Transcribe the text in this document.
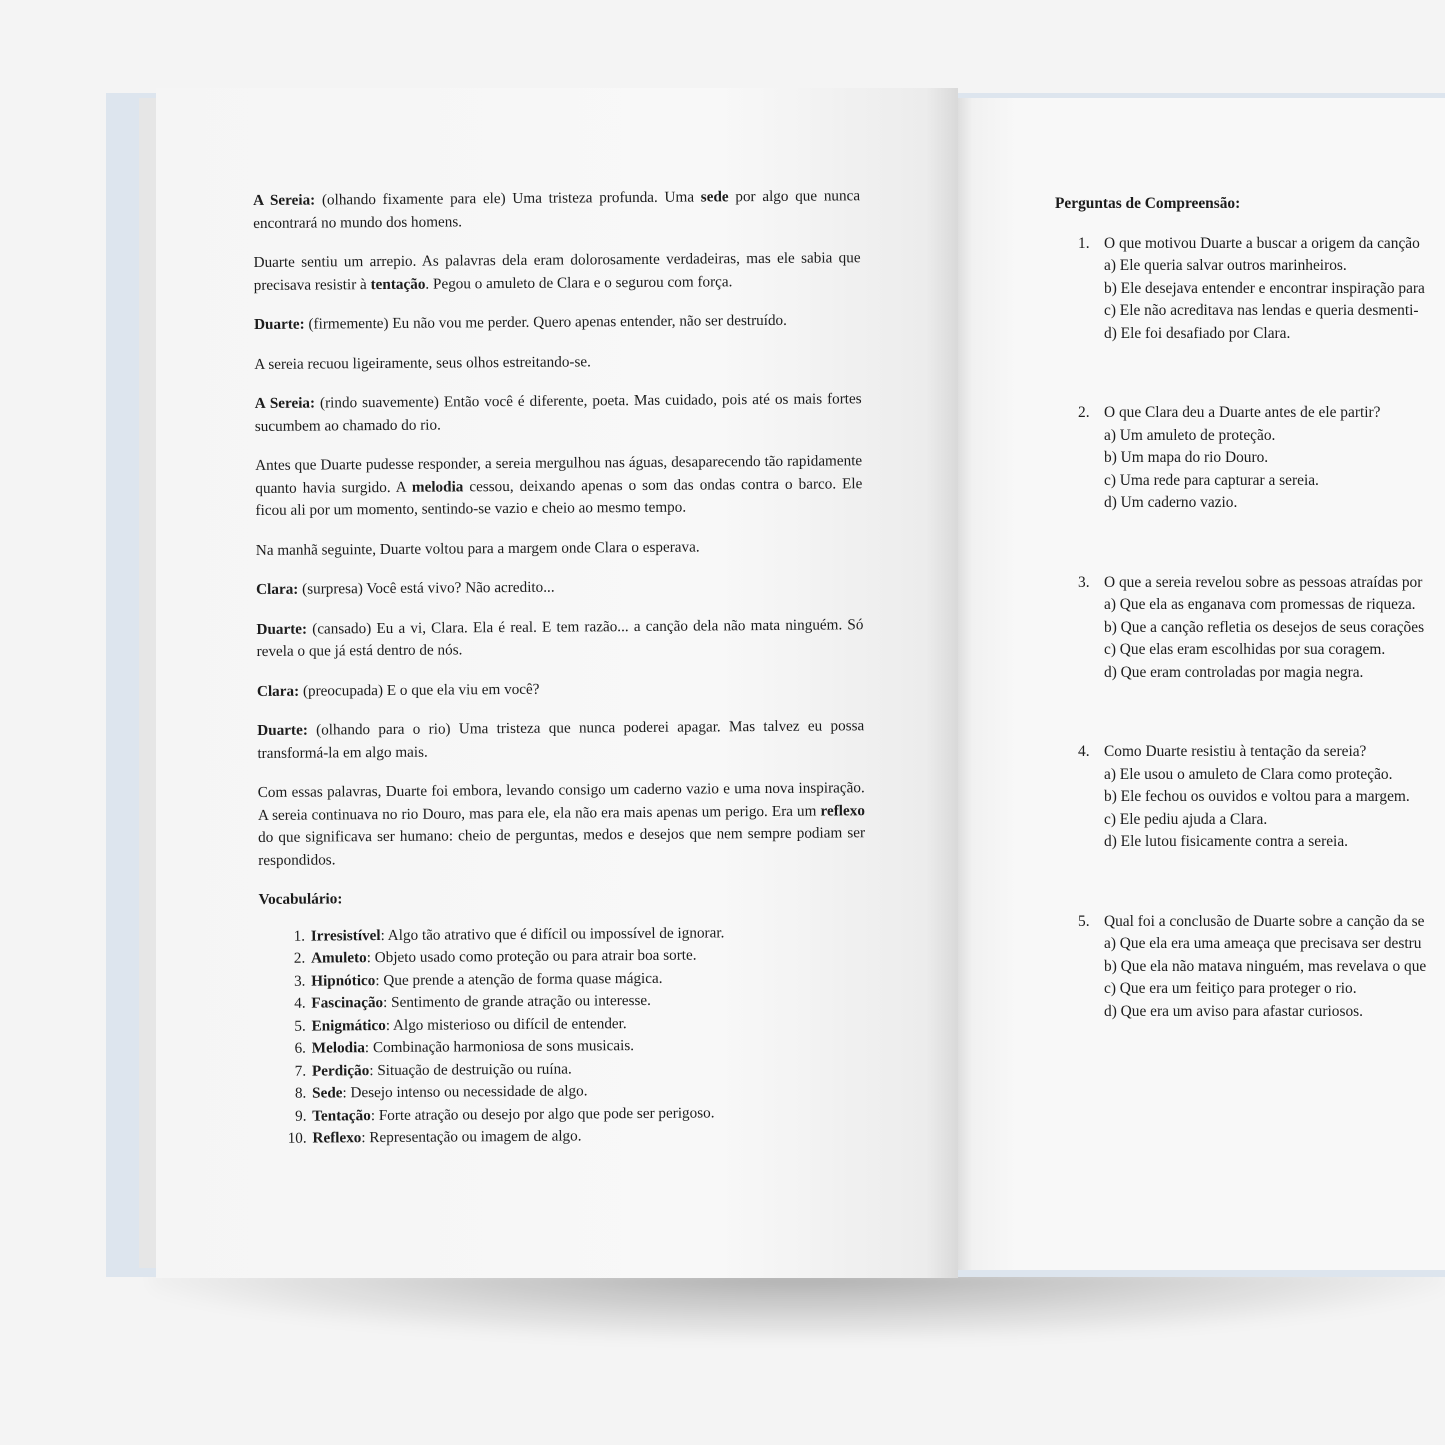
A Sereia: (olhando fixamente para ele) Uma tristeza profunda. Uma sede por algo que nunca encontrará no mundo dos homens.

Duarte sentiu um arrepio. As palavras dela eram dolorosamente verdadeiras, mas ele sabia que precisava resistir à tentação. Pegou o amuleto de Clara e o segurou com força.

Duarte: (firmemente) Eu não vou me perder. Quero apenas entender, não ser destruído.

A sereia recuou ligeiramente, seus olhos estreitando-se.

A Sereia: (rindo suavemente) Então você é diferente, poeta. Mas cuidado, pois até os mais fortes sucumbem ao chamado do rio.

Antes que Duarte pudesse responder, a sereia mergulhou nas águas, desaparecendo tão rapidamente quanto havia surgido. A melodia cessou, deixando apenas o som das ondas contra o barco. Ele ficou ali por um momento, sentindo-se vazio e cheio ao mesmo tempo.

Na manhã seguinte, Duarte voltou para a margem onde Clara o esperava.

Clara: (surpresa) Você está vivo? Não acredito...

Duarte: (cansado) Eu a vi, Clara. Ela é real. E tem razão... a canção dela não mata ninguém. Só revela o que já está dentro de nós.

Clara: (preocupada) E o que ela viu em você?

Duarte: (olhando para o rio) Uma tristeza que nunca poderei apagar. Mas talvez eu possa transformá-la em algo mais.

Com essas palavras, Duarte foi embora, levando consigo um caderno vazio e uma nova inspiração. A sereia continuava no rio Douro, mas para ele, ela não era mais apenas um perigo. Era um reflexo do que significava ser humano: cheio de perguntas, medos e desejos que nem sempre podiam ser respondidos.

Vocabulário:
1. Irresistível: Algo tão atrativo que é difícil ou impossível de ignorar.
2. Amuleto: Objeto usado como proteção ou para atrair boa sorte.
3. Hipnótico: Que prende a atenção de forma quase mágica.
4. Fascinação: Sentimento de grande atração ou interesse.
5. Enigmático: Algo misterioso ou difícil de entender.
6. Melodia: Combinação harmoniosa de sons musicais.
7. Perdição: Situação de destruição ou ruína.
8. Sede: Desejo intenso ou necessidade de algo.
9. Tentação: Forte atração ou desejo por algo que pode ser perigoso.
10. Reflexo: Representação ou imagem de algo.
Perguntas de Compreensão:
1. O que motivou Duarte a buscar a origem da canção
a) Ele queria salvar outros marinheiros.
b) Ele desejava entender e encontrar inspiração para
c) Ele não acreditava nas lendas e queria desmenti-
d) Ele foi desafiado por Clara.
2. O que Clara deu a Duarte antes de ele partir?
a) Um amuleto de proteção.
b) Um mapa do rio Douro.
c) Uma rede para capturar a sereia.
d) Um caderno vazio.
3. O que a sereia revelou sobre as pessoas atraídas por
a) Que ela as enganava com promessas de riqueza.
b) Que a canção refletia os desejos de seus corações
c) Que elas eram escolhidas por sua coragem.
d) Que eram controladas por magia negra.
4. Como Duarte resistiu à tentação da sereia?
a) Ele usou o amuleto de Clara como proteção.
b) Ele fechou os ouvidos e voltou para a margem.
c) Ele pediu ajuda a Clara.
d) Ele lutou fisicamente contra a sereia.
5. Qual foi a conclusão de Duarte sobre a canção da se
a) Que ela era uma ameaça que precisava ser destru
b) Que ela não matava ninguém, mas revelava o que
c) Que era um feitiço para proteger o rio.
d) Que era um aviso para afastar curiosos.
